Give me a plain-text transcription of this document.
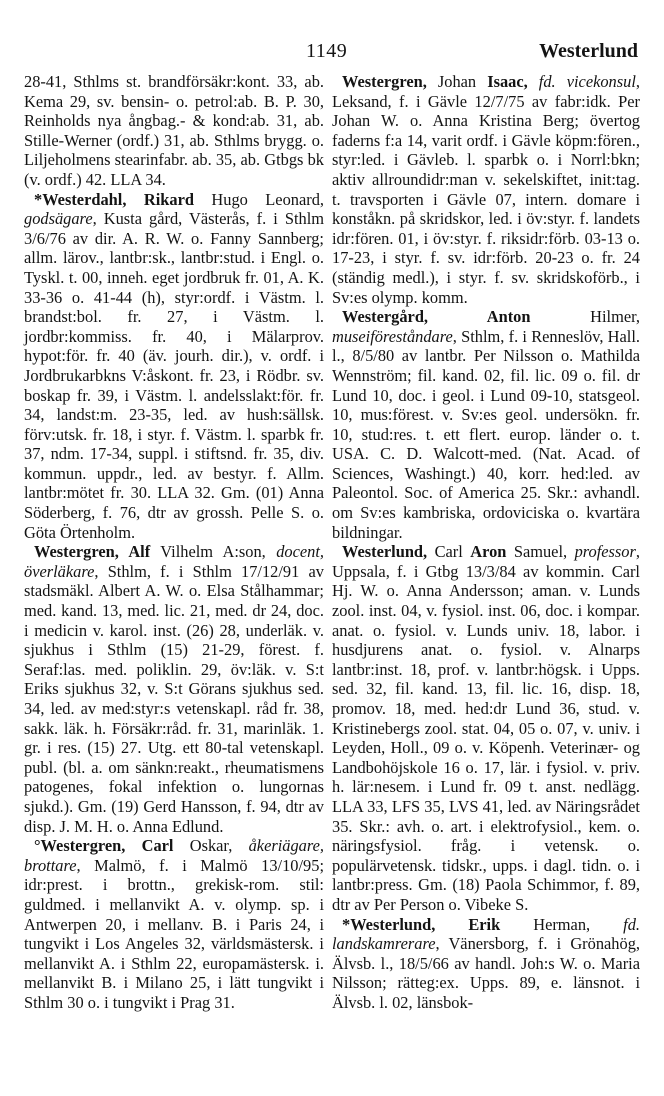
1149	Westerlund

28-41, Sthlms st. brandförsäkr:kont. 33, ab. Kema 29, sv. bensin- o. petrol:ab. B. P. 30, Reinholds nya ångbag.- & kond:ab. 31, ab. Stille-Werner (ordf.) 31, ab. Sthlms brygg. o. Liljeholmens stearinfabr. ab. 35, ab. Gtbgs bk (v. ordf.) 42. LLA 34.

*Westerdahl, Rikard Hugo Leonard, godsägare, Kusta gård, Västerås, f. i Sthlm 3/6/76 av dir. A. R. W. o. Fanny Sannberg; allm. lärov., lantbr:sk., lantbr:stud. i Engl. o. Tyskl. t. 00, inneh. eget jordbruk fr. 01, A. K. 33-36 o. 41-44 (h), styr:ordf. i Västm. l. brandst:bol. fr. 27, i Västm. l. jordbr:kommiss. fr. 40, i Mälarprov. hypot:för. fr. 40 (äv. jourh. dir.), v. ordf. i Jordbrukarbkns V:åskont. fr. 23, i Rödbr. sv. boskap fr. 39, i Västm. l. andelsslakt:för. fr. 34, landst:m. 23-35, led. av hush:sällsk. förv:utsk. fr. 18, i styr. f. Västm. l. sparbk fr. 37, ndm. 17-34, suppl. i stiftsnd. fr. 35, div. kommun. uppdr., led. av bestyr. f. Allm. lantbr:mötet fr. 30. LLA 32. Gm. (01) Anna Söderberg, f. 76, dtr av grossh. Pelle S. o. Göta Örtenholm.

Westergren, Alf Vilhelm A:son, docent, överläkare, Sthlm, f. i Sthlm 17/12/91 av stadsmäkl. Albert A. W. o. Elsa Stålhammar; med. kand. 13, med. lic. 21, med. dr 24, doc. i medicin v. karol. inst. (26) 28, underläk. v. sjukhus i Sthlm (15) 21-29, förest. f. Seraf:las. med. poliklin. 29, öv:läk. v. S:t Eriks sjukhus 32, v. S:t Görans sjukhus sed. 34, led. av med:styr:s vetenskapl. råd fr. 38, sakk. läk. h. Försäkr:råd. fr. 31, marinläk. 1. gr. i res. (15) 27. Utg. ett 80-tal vetenskapl. publ. (bl. a. om sänkn:reakt., rheumatismens patogenes, fokal infektion o. lungornas sjukd.). Gm. (19) Gerd Hansson, f. 94, dtr av disp. J. M. H. o. Anna Edlund.

°Westergren, Carl Oskar, åkeriägare, brottare, Malmö, f. i Malmö 13/10/95; idr:prest. i brottn., grekisk-rom. stil: guldmed. i mellanvikt A. v. olymp. sp. i Antwerpen 20, i mellanv. B. i Paris 24, i tungvikt i Los Angeles 32, världsmästersk. i mellanvikt A. i Sthlm 22, europamästersk. i. mellanvikt B. i Milano 25, i lätt tungvikt i Sthlm 30 o. i tungvikt i Prag 31.

Westergren, Johan Isaac, fd. vicekonsul, Leksand, f. i Gävle 12/7/75 av fabr:idk. Per Johan W. o. Anna Kristina Berg; övertog faderns f:a 14, varit ordf. i Gävle köpm:fören., styr:led. i Gävleb. l. sparbk o. i Norrl:bkn; aktiv allroundidr:man v. sekelskiftet, init:tag. t. travsporten i Gävle 07, intern. domare i konståkn. på skridskor, led. i öv:styr. f. landets idr:fören. 01, i öv:styr. f. riksidr:förb. 03-13 o. 17-23, i styr. f. sv. idr:förb. 20-23 o. fr. 24 (ständig medl.), i styr. f. sv. skridskoförb., i Sv:es olymp. komm.

Westergård, Anton Hilmer, museiföreståndare, Sthlm, f. i Renneslöv, Hall. l., 8/5/80 av lantbr. Per Nilsson o. Mathilda Wennström; fil. kand. 02, fil. lic. 09 o. fil. dr Lund 10, doc. i geol. i Lund 09-10, statsgeol. 10, mus:förest. v. Sv:es geol. undersökn. fr. 10, stud:res. t. ett flert. europ. länder o. t. USA. C. D. Walcott-med. (Nat. Acad. of Sciences, Washingt.) 40, korr. hed:led. av Paleontol. Soc. of America 25. Skr.: avhandl. om Sv:es kambriska, ordoviciska o. kvartära bildningar.

Westerlund, Carl Aron Samuel, professor, Uppsala, f. i Gtbg 13/3/84 av kommin. Carl Hj. W. o. Anna Andersson; aman. v. Lunds zool. inst. 04, v. fysiol. inst. 06, doc. i kompar. anat. o. fysiol. v. Lunds univ. 18, labor. i husdjurens anat. o. fysiol. v. Alnarps lantbr:inst. 18, prof. v. lantbr:högsk. i Upps. sed. 32, fil. kand. 13, fil. lic. 16, disp. 18, promov. 18, med. hed:dr Lund 36, stud. v. Kristinebergs zool. stat. 04, 05 o. 07, v. univ. i Leyden, Holl., 09 o. v. Köpenh. Veterinær- og Landbohöjskole 16 o. 17, lär. i fysiol. v. priv. h. lär:nesem. i Lund fr. 09 t. anst. nedlägg. LLA 33, LFS 35, LVS 41, led. av Näringsrådet 35. Skr.: avh. o. art. i elektrofysiol., kem. o. näringsfysiol. fråg. i vetensk. o. populärvetensk. tidskr., upps. i dagl. tidn. o. i lantbr:press. Gm. (18) Paola Schimmor, f. 89, dtr av Per Person o. Vibeke S.

*Westerlund, Erik Herman, fd. landskamrerare, Vänersborg, f. i Grönahög, Älvsb. l., 18/5/66 av handl. Joh:s W. o. Maria Nilsson; rätteg:ex. Upps. 89, e. länsnot. i Älvsb. l. 02, länsbok-
